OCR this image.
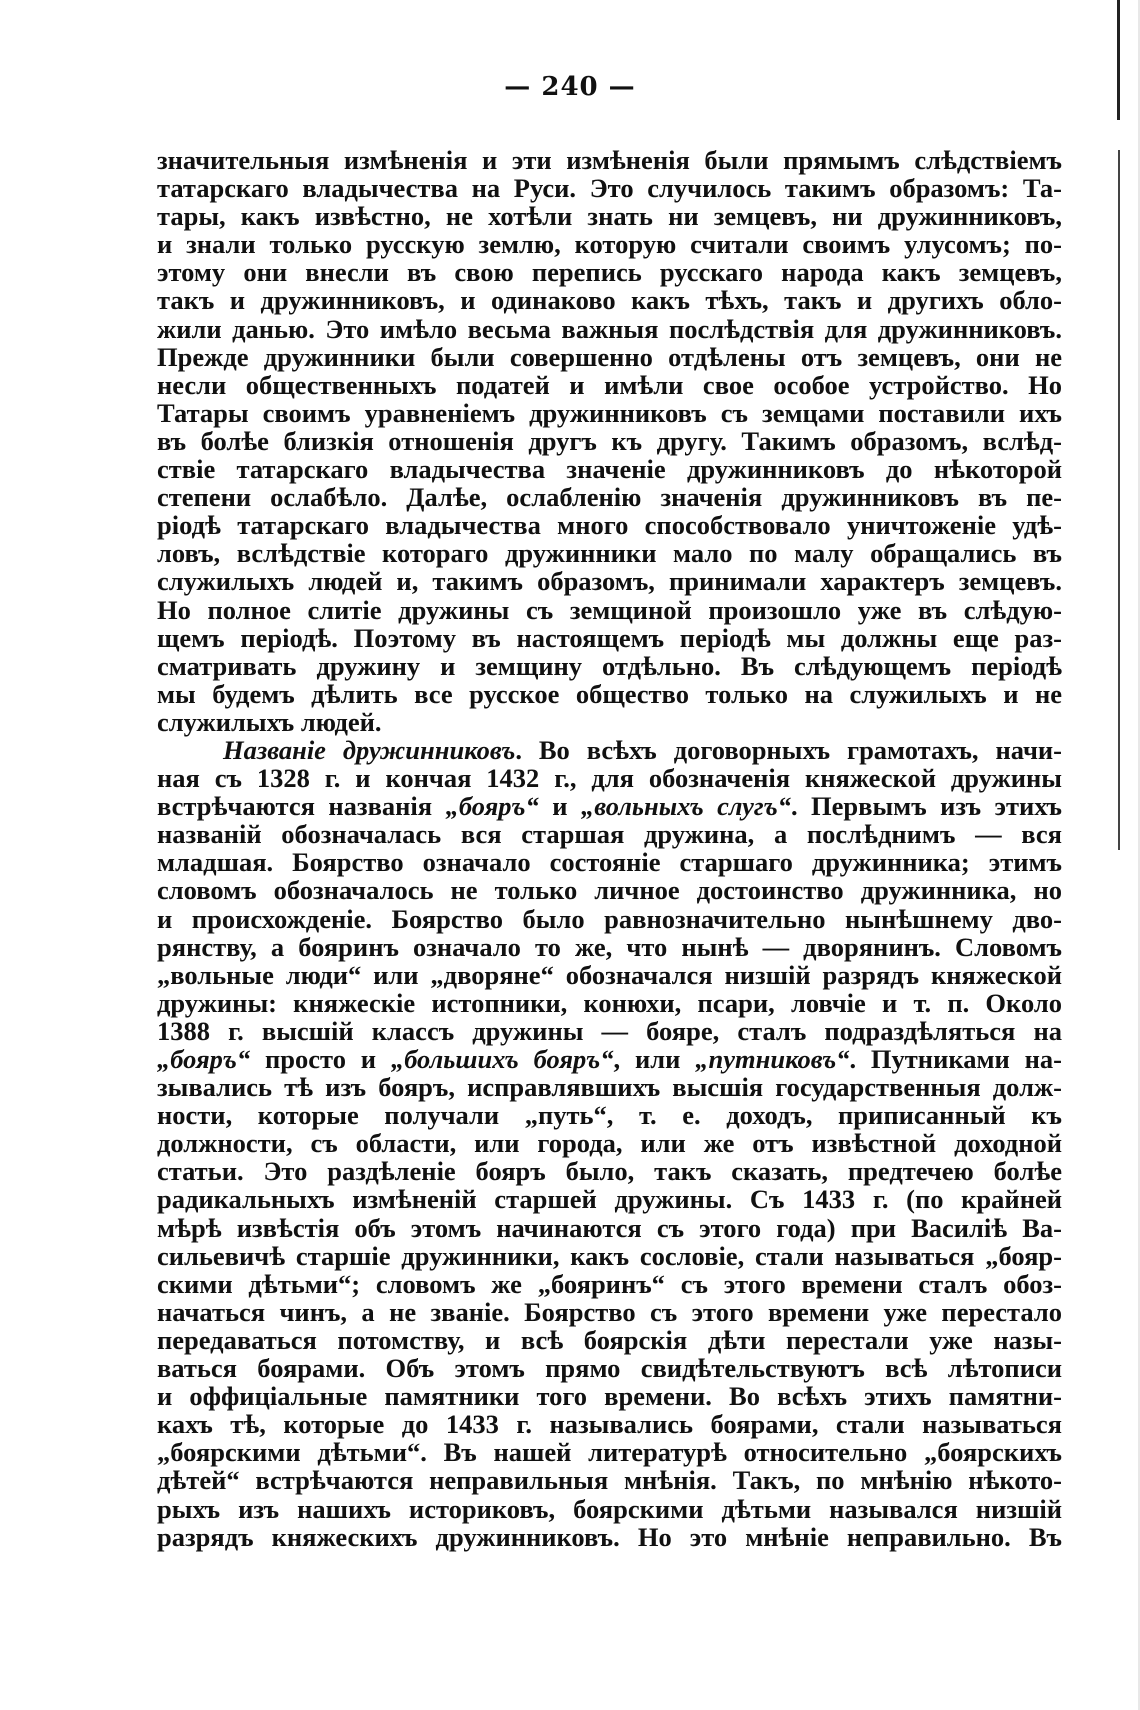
— 240 —
значительныя измѣненія и эти измѣненія были прямымъ слѣдствіемъ
татарскаго владычества на Руси. Это случилось такимъ образомъ: Та-
тары, какъ извѣстно, не хотѣли знать ни земцевъ, ни дружинниковъ,
и знали только русскую землю, которую считали своимъ улусомъ; по-
этому они внесли въ свою перепись русскаго народа какъ земцевъ,
такъ и дружинниковъ, и одинаково какъ тѣхъ, такъ и другихъ обло-
жили данью. Это имѣло весьма важныя послѣдствія для дружинниковъ.
Прежде дружинники были совершенно отдѣлены отъ земцевъ, они не
несли общественныхъ податей и имѣли свое особое устройство. Но
Татары своимъ уравненіемъ дружинниковъ съ земцами поставили ихъ
въ болѣе близкія отношенія другъ къ другу. Такимъ образомъ, вслѣд-
ствіе татарскаго владычества значеніе дружинниковъ до нѣкоторой
степени ослабѣло. Далѣе, ослабленію значенія дружинниковъ въ пе-
ріодѣ татарскаго владычества много способствовало уничтоженіе удѣ-
ловъ, вслѣдствіе котораго дружинники мало по малу обращались въ
служилыхъ людей и, такимъ образомъ, принимали характеръ земцевъ.
Но полное слитіе дружины съ земщиной произошло уже въ слѣдую-
щемъ періодѣ. Поэтому въ настоящемъ періодѣ мы должны еще раз-
сматривать дружину и земщину отдѣльно. Въ слѣдующемъ періодѣ
мы будемъ дѣлить все русское общество только на служилыхъ и не
служилыхъ людей.
Названіе дружинниковъ. Во всѣхъ договорныхъ грамотахъ, начи-
ная съ 1328 г. и кончая 1432 г., для обозначенія княжеской дружины
встрѣчаются названія „бояръ“ и „вольныхъ слугъ“. Первымъ изъ этихъ
названій обозначалась вся старшая дружина, а послѣднимъ — вся
младшая. Боярство означало состояніе старшаго дружинника; этимъ
словомъ обозначалось не только личное достоинство дружинника, но
и происхожденіе. Боярство было равнозначительно нынѣшнему дво-
рянству, а бояринъ означало то же, что нынѣ — дворянинъ. Словомъ
„вольные люди“ или „дворяне“ обозначался низшій разрядъ княжеской
дружины: княжескіе истопники, конюхи, псари, ловчіе и т. п. Около
1388 г. высшій классъ дружины — бояре, сталъ подраздѣляться на
„бояръ“ просто и „большихъ бояръ“, или „путниковъ“. Путниками на-
зывались тѣ изъ бояръ, исправлявшихъ высшія государственныя долж-
ности, которые получали „путь“, т. е. доходъ, приписанный къ
должности, съ области, или города, или же отъ извѣстной доходной
статьи. Это раздѣленіе бояръ было, такъ сказать, предтечею болѣе
радикальныхъ измѣненій старшей дружины. Съ 1433 г. (по крайней
мѣрѣ извѣстія объ этомъ начинаются съ этого года) при Василіѣ Ва-
сильевичѣ старшіе дружинники, какъ сословіе, стали называться „бояр-
скими дѣтьми“; словомъ же „бояринъ“ съ этого времени сталъ обоз-
начаться чинъ, а не званіе. Боярство съ этого времени уже перестало
передаваться потомству, и всѣ боярскія дѣти перестали уже назы-
ваться боярами. Объ этомъ прямо свидѣтельствуютъ всѣ лѣтописи
и оффиціальные памятники того времени. Во всѣхъ этихъ памятни-
кахъ тѣ, которые до 1433 г. назывались боярами, стали называться
„боярскими дѣтьми“. Въ нашей литературѣ относительно „боярскихъ
дѣтей“ встрѣчаются неправильныя мнѣнія. Такъ, по мнѣнію нѣкото-
рыхъ изъ нашихъ историковъ, боярскими дѣтьми назывался низшій
разрядъ княжескихъ дружинниковъ. Но это мнѣніе неправильно. Въ
